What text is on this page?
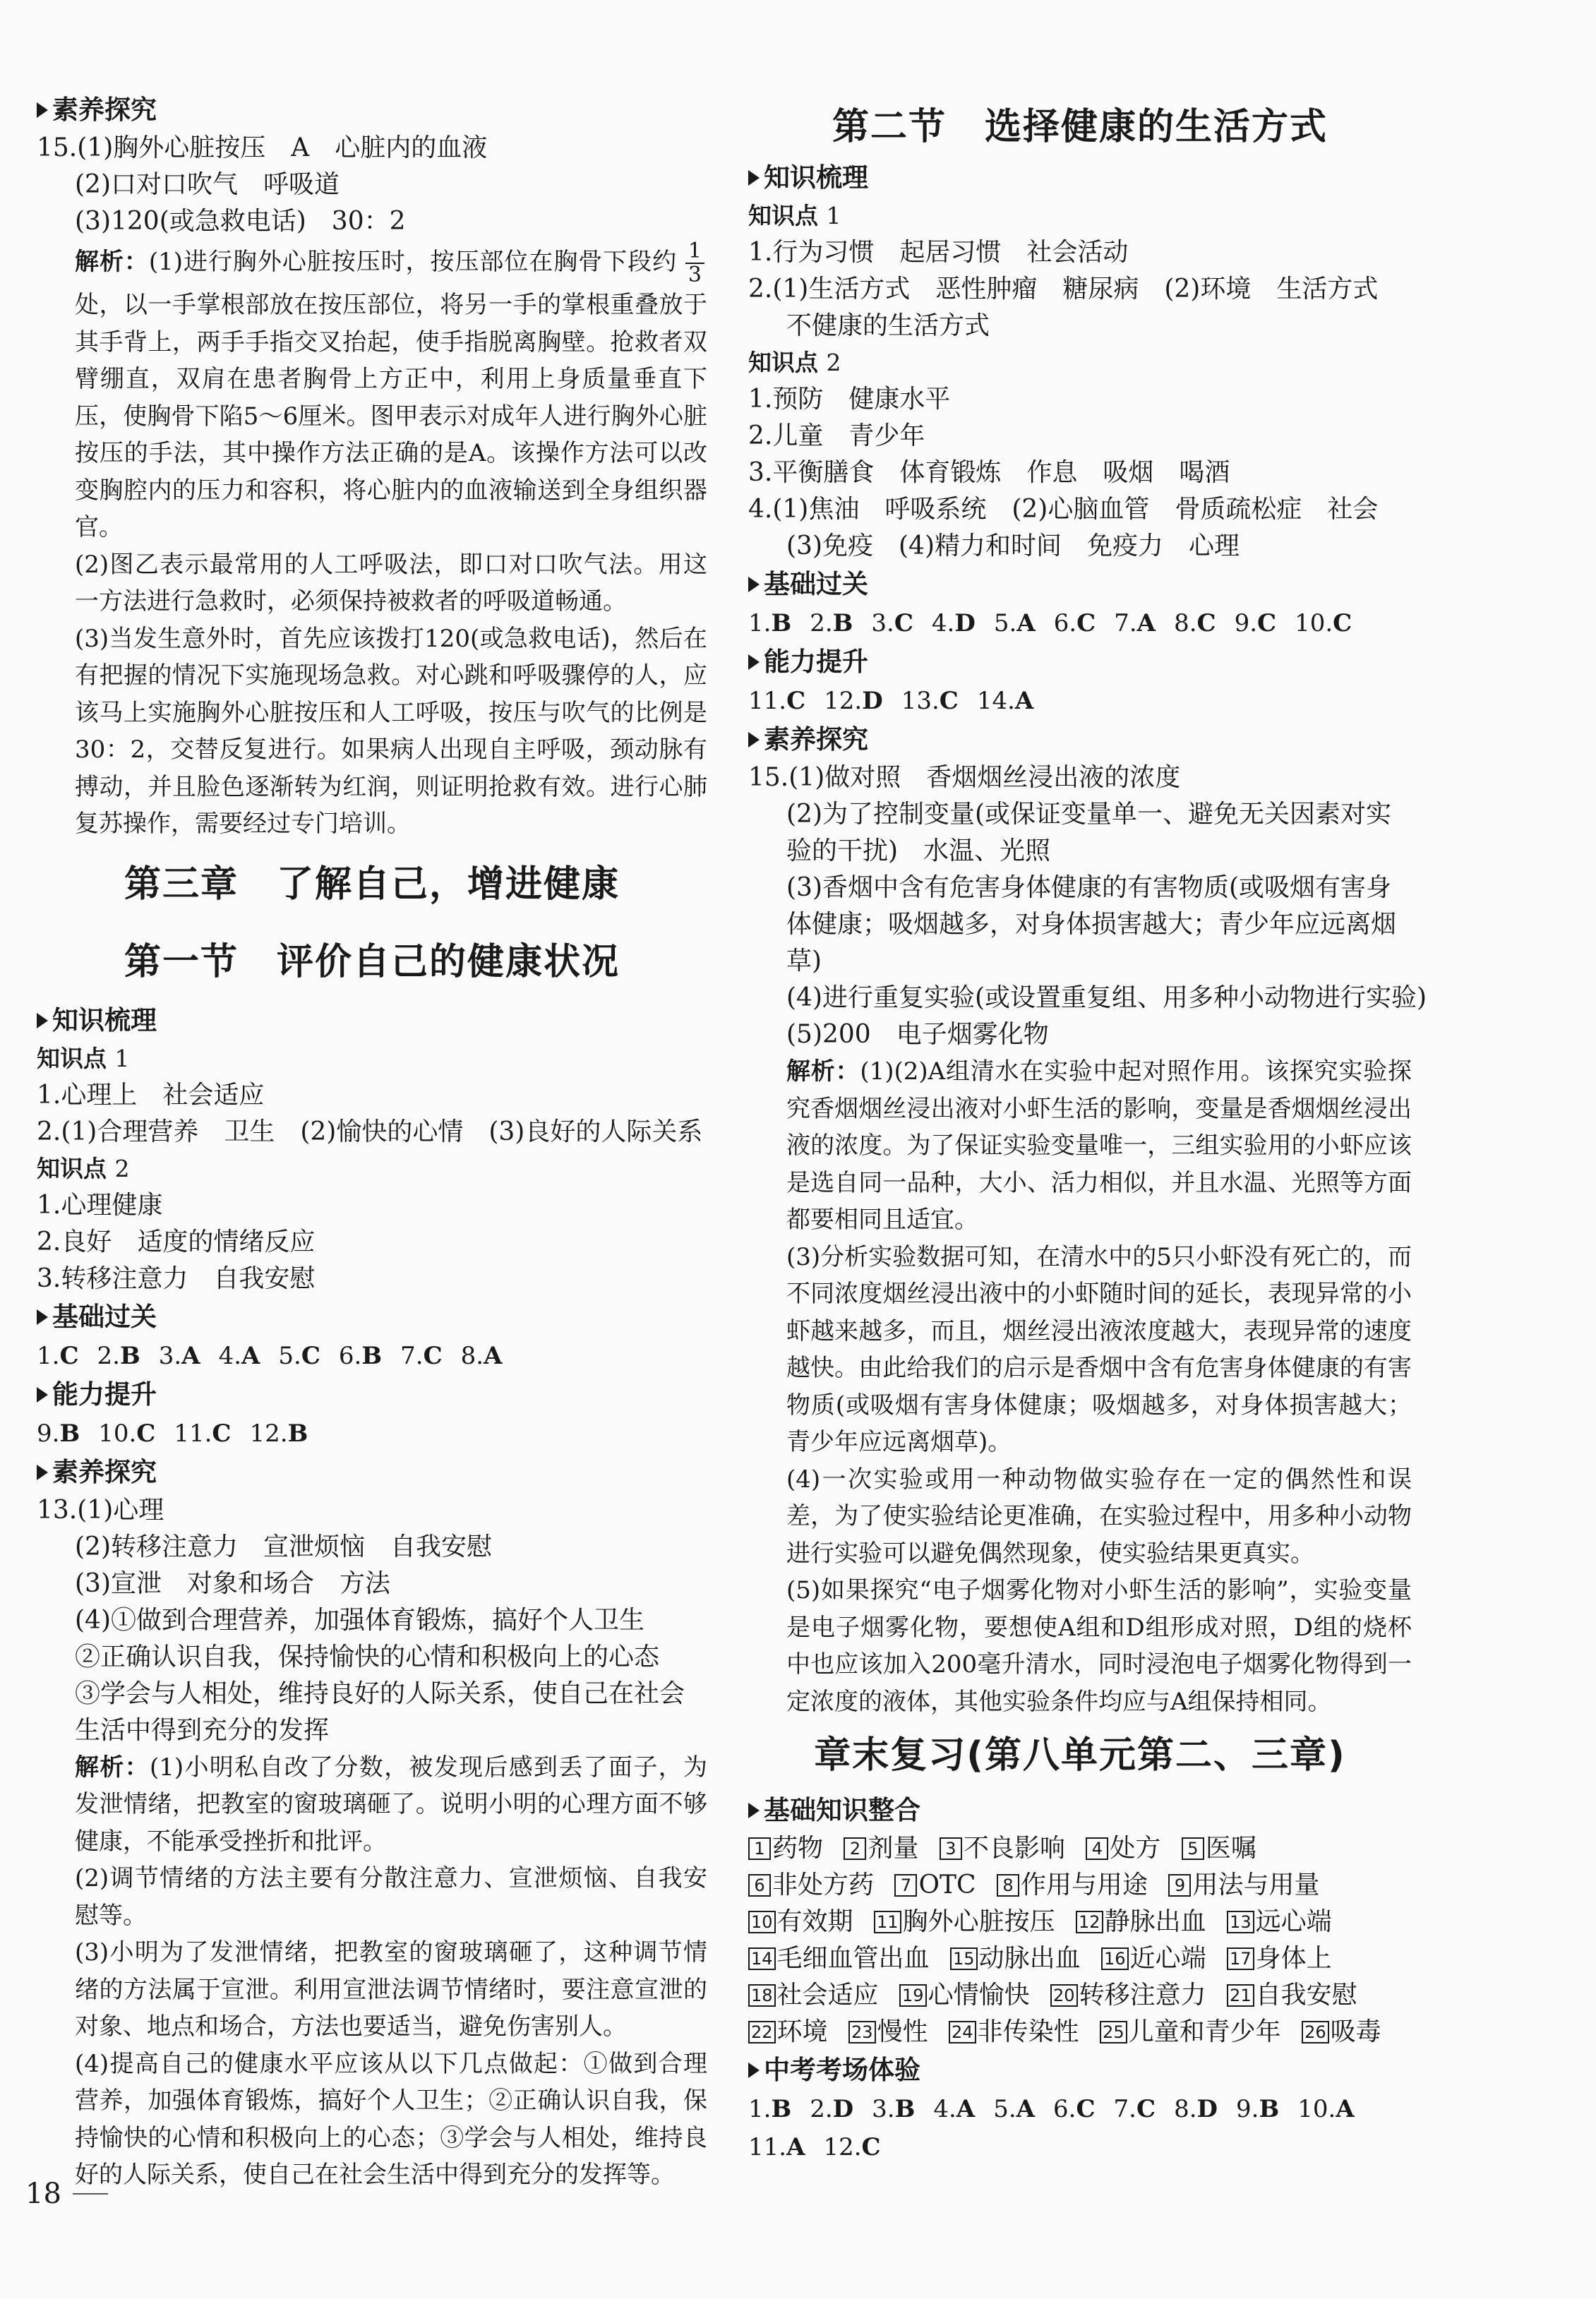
素养探究
15.(1)胸外心脏按压　A　心脏内的血液
(2)口对口吹气　呼吸道
(3)120(或急救电话)　30：2
解析：(1)进行胸外心脏按压时，按压部位在胸骨下段约 $\frac{1}{3}$
处，以一手掌根部放在按压部位，将另一手的掌根重叠放于其手背上，两手手指交叉抬起，使手指脱离胸壁。抢救者双臂绷直，双肩在患者胸骨上方正中，利用上身质量垂直下压，使胸骨下陷5～6厘米。图甲表示对成年人进行胸外心脏按压的手法，其中操作方法正确的是A。该操作方法可以改变胸腔内的压力和容积，将心脏内的血液输送到全身组织器官。
(2)图乙表示最常用的人工呼吸法，即口对口吹气法。用这一方法进行急救时，必须保持被救者的呼吸道畅通。
(3)当发生意外时，首先应该拨打120(或急救电话)，然后在有把握的情况下实施现场急救。对心跳和呼吸骤停的人，应该马上实施胸外心脏按压和人工呼吸，按压与吹气的比例是30：2，交替反复进行。如果病人出现自主呼吸，颈动脉有搏动，并且脸色逐渐转为红润，则证明抢救有效。进行心肺复苏操作，需要经过专门培训。
第三章　了解自己，增进健康
第一节　评价自己的健康状况
知识梳理
知识点 1
1.心理上　社会适应
2.(1)合理营养　卫生　(2)愉快的心情　(3)良好的人际关系
知识点 2
1.心理健康
2.良好　适度的情绪反应
3.转移注意力　自我安慰
基础过关
1.C 2.B 3.A 4.A 5.C 6.B 7.C 8.A
能力提升
9.B 10.C 11.C 12.B
素养探究
13.(1)心理
(2)转移注意力　宣泄烦恼　自我安慰
(3)宣泄　对象和场合　方法
(4)①做到合理营养，加强体育锻炼，搞好个人卫生
②正确认识自我，保持愉快的心情和积极向上的心态
③学会与人相处，维持良好的人际关系，使自己在社会生活中得到充分的发挥
解析：(1)小明私自改了分数，被发现后感到丢了面子，为发泄情绪，把教室的窗玻璃砸了。说明小明的心理方面不够健康，不能承受挫折和批评。
(2)调节情绪的方法主要有分散注意力、宣泄烦恼、自我安慰等。
(3)小明为了发泄情绪，把教室的窗玻璃砸了，这种调节情绪的方法属于宣泄。利用宣泄法调节情绪时，要注意宣泄的对象、地点和场合，方法也要适当，避免伤害别人。
(4)提高自己的健康水平应该从以下几点做起：①做到合理营养，加强体育锻炼，搞好个人卫生；②正确认识自我，保持愉快的心情和积极向上的心态；③学会与人相处，维持良好的人际关系，使自己在社会生活中得到充分的发挥等。
第二节　选择健康的生活方式
知识梳理
知识点 1
1.行为习惯　起居习惯　社会活动
2.(1)生活方式　恶性肿瘤　糖尿病　(2)环境　生活方式
不健康的生活方式
知识点 2
1.预防　健康水平
2.儿童　青少年
3.平衡膳食　体育锻炼　作息　吸烟　喝酒
4.(1)焦油　呼吸系统　(2)心脑血管　骨质疏松症　社会
(3)免疫　(4)精力和时间　免疫力　心理
基础过关
1.B 2.B 3.C 4.D 5.A 6.C 7.A 8.C 9.C 10.C
能力提升
11.C 12.D 13.C 14.A
素养探究
15.(1)做对照　香烟烟丝浸出液的浓度
(2)为了控制变量(或保证变量单一、避免无关因素对实验的干扰)　水温、光照
(3)香烟中含有危害身体健康的有害物质(或吸烟有害身体健康；吸烟越多，对身体损害越大；青少年应远离烟草)
(4)进行重复实验(或设置重复组、用多种小动物进行实验)
(5)200　电子烟雾化物
解析：(1)(2)A组清水在实验中起对照作用。该探究实验探究香烟烟丝浸出液对小虾生活的影响，变量是香烟烟丝浸出液的浓度。为了保证实验变量唯一，三组实验用的小虾应该是选自同一品种，大小、活力相似，并且水温、光照等方面都要相同且适宜。
(3)分析实验数据可知，在清水中的5只小虾没有死亡的，而不同浓度烟丝浸出液中的小虾随时间的延长，表现异常的小虾越来越多，而且，烟丝浸出液浓度越大，表现异常的速度越快。由此给我们的启示是香烟中含有危害身体健康的有害物质(或吸烟有害身体健康；吸烟越多，对身体损害越大；青少年应远离烟草)。
(4)一次实验或用一种动物做实验存在一定的偶然性和误差，为了使实验结论更准确，在实验过程中，用多种小动物进行实验可以避免偶然现象，使实验结果更真实。
(5)如果探究“电子烟雾化物对小虾生活的影响”，实验变量是电子烟雾化物，要想使A组和D组形成对照，D组的烧杯中也应该加入200毫升清水，同时浸泡电子烟雾化物得到一定浓度的液体，其他实验条件均应与A组保持相同。
章末复习(第八单元第二、三章)
基础知识整合
1 药物 2 剂量 3 不良影响 4 处方 5 医嘱 6 非处方药 7 OTC 8 作用与用途 9 用法与用量 10 有效期 11 胸外心脏按压 12 静脉出血 13 远心端 14 毛细血管出血 15 动脉出血 16 近心端 17 身体上 18 社会适应 19 心情愉快 20 转移注意力 21 自我安慰 22 环境 23 慢性 24 非传染性 25 儿童和青少年 26 吸毒
中考考场体验
1.B 2.D 3.B 4.A 5.A 6.C 7.C 8.D 9.B 10.A
11.A 12.C
18
